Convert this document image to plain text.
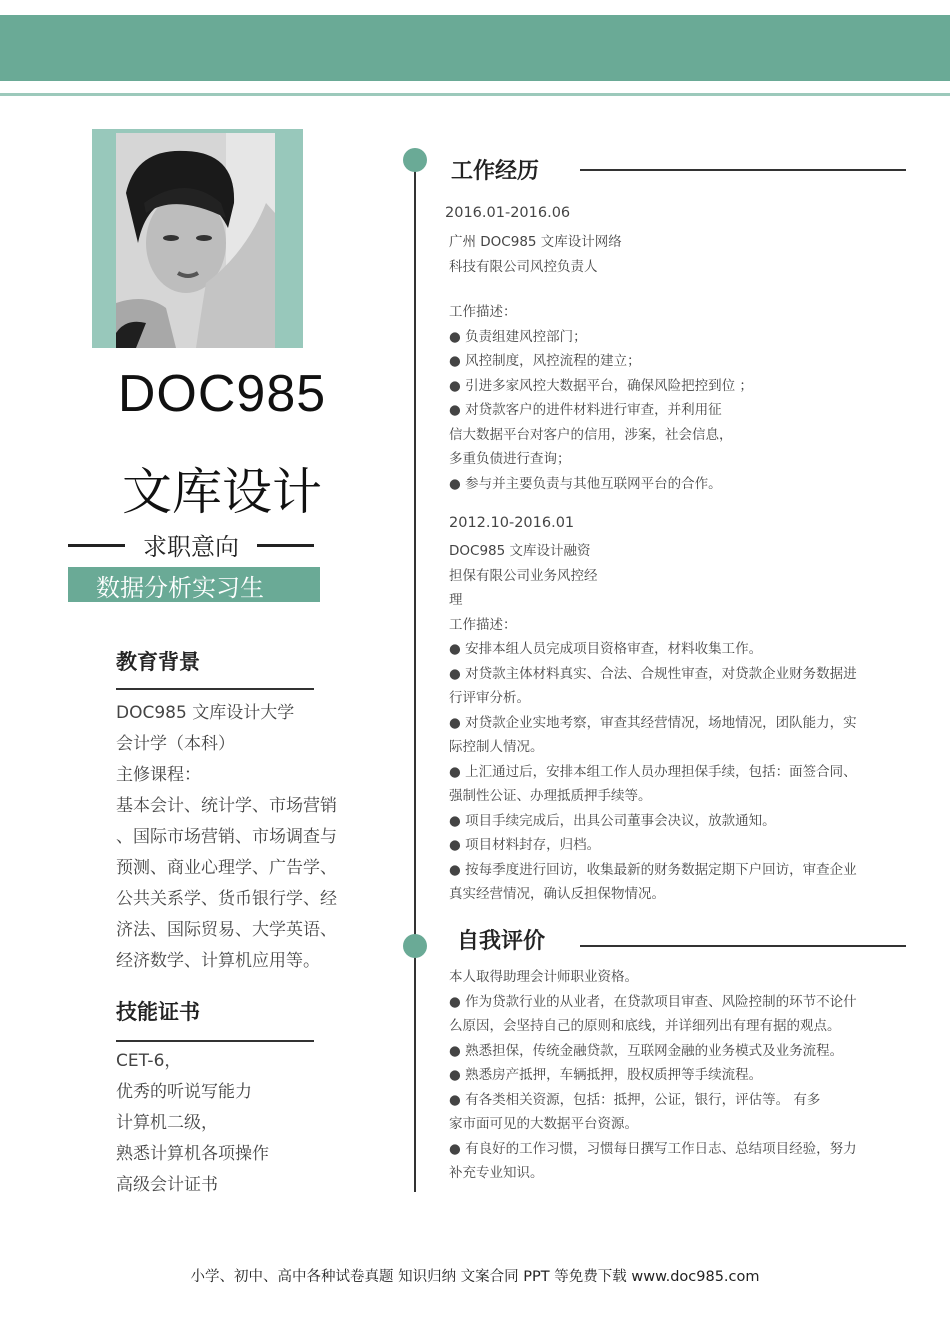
DOC985
文库设计
求职意向
数据分析实习生
教育背景
DOC985 文库设计大学
会计学（本科）
主修课程：
基本会计、统计学、市场营销
、国际市场营销、市场调查与
预测、商业心理学、广告学、
公共关系学、货币银行学、经
济法、国际贸易、大学英语、
经济数学、计算机应用等。
技能证书
CET-6，
优秀的听说写能力
计算机二级，
熟悉计算机各项操作
高级会计证书
工作经历
2016.01-2016.06
广州 DOC985 文库设计网络
科技有限公司风控负责人
工作描述：
● 负责组建风控部门；
● 风控制度，风控流程的建立；
● 引进多家风控大数据平台，确保风险把控到位 ；
● 对贷款客户的进件材料进行审查，并利用征
信大数据平台对客户的信用，涉案，社会信息，
多重负债进行查询；
● 参与并主要负责与其他互联网平台的合作。
2012.10-2016.01
DOC985 文库设计融资
担保有限公司业务风控经
理
工作描述：
● 安排本组人员完成项目资格审查，材料收集工作。
● 对贷款主体材料真实、合法、合规性审查，对贷款企业财务数据进
行评审分析。
● 对贷款企业实地考察，审查其经营情况，场地情况，团队能力，实
际控制人情况。
● 上汇通过后，安排本组工作人员办理担保手续，包括：面签合同、
强制性公证、办理抵质押手续等。
● 项目手续完成后，出具公司董事会决议，放款通知。
● 项目材料封存，归档。
● 按每季度进行回访，收集最新的财务数据定期下户回访，审查企业
真实经营情况，确认反担保物情况。
自我评价
本人取得助理会计师职业资格。
● 作为贷款行业的从业者，在贷款项目审查、风险控制的环节不论什
么原因，会坚持自己的原则和底线，并详细列出有理有据的观点。
● 熟悉担保，传统金融贷款，互联网金融的业务模式及业务流程。
● 熟悉房产抵押，车辆抵押，股权质押等手续流程。
● 有各类相关资源，包括：抵押，公证，银行，评估等。 有多
家市面可见的大数据平台资源。
● 有良好的工作习惯，习惯每日撰写工作日志、总结项目经验，努力
补充专业知识。
小学、初中、高中各种试卷真题 知识归纳 文案合同 PPT 等免费下载 www.doc985.com
